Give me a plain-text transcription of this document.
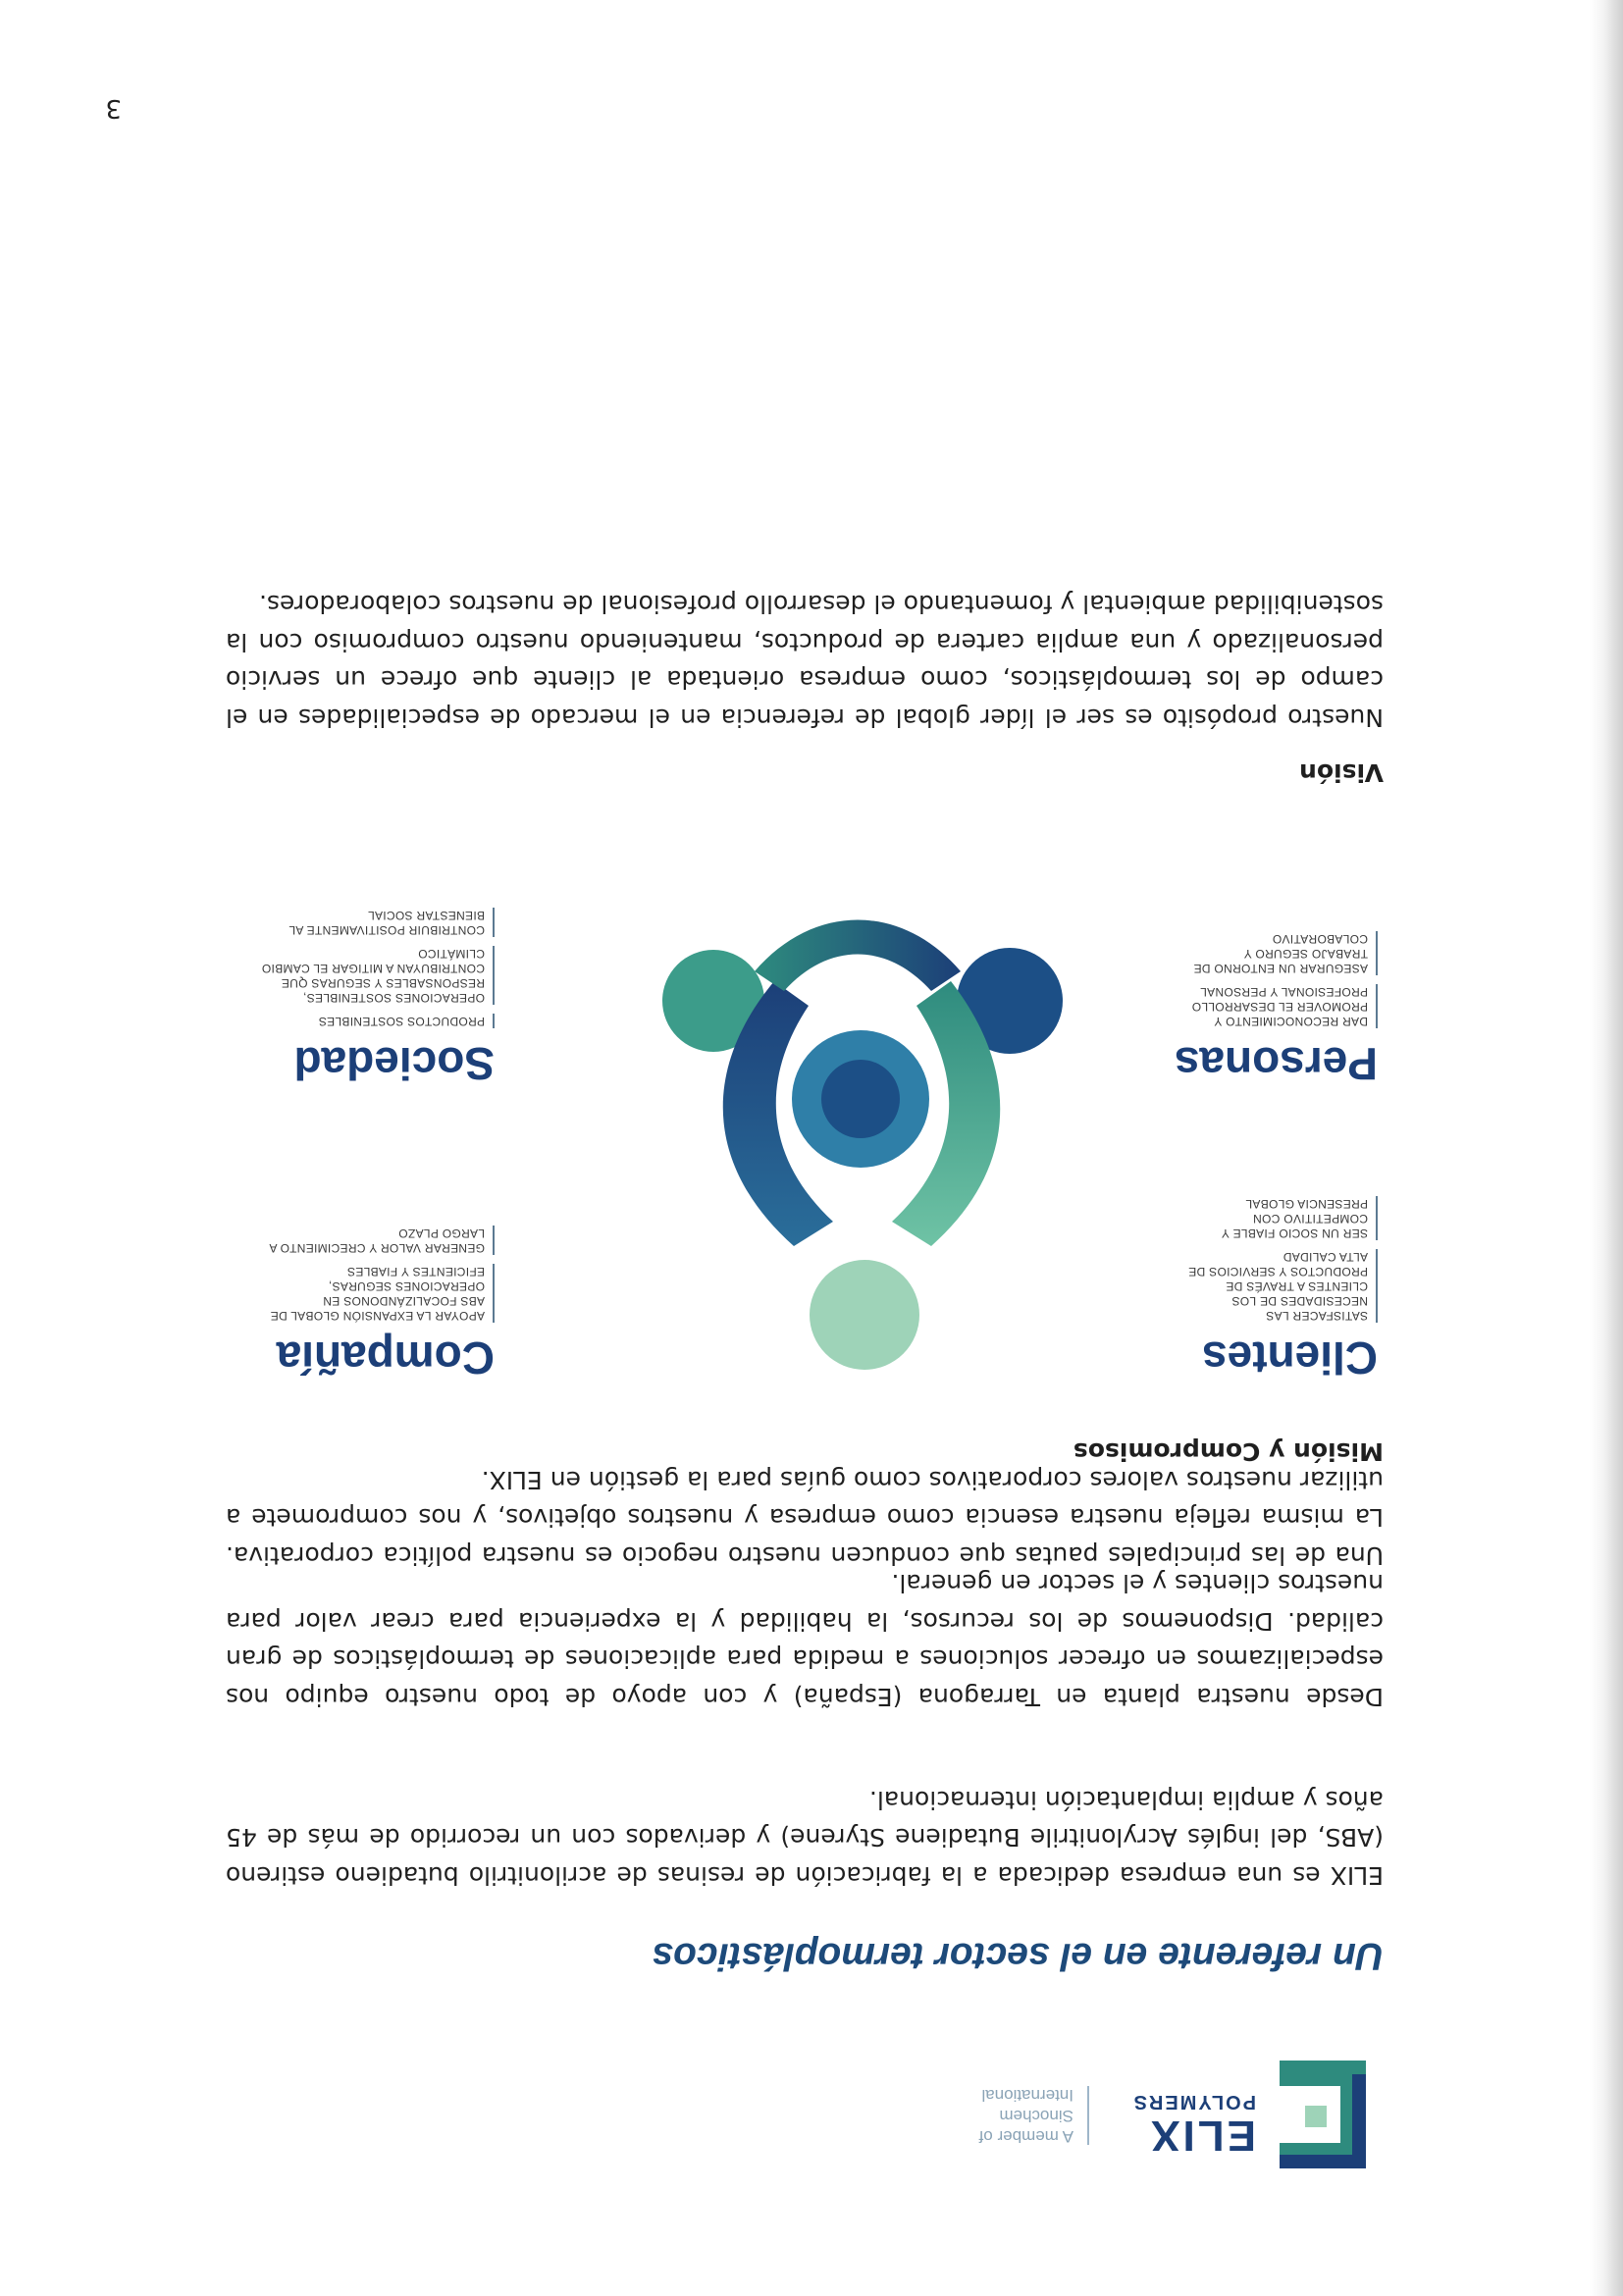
ELIX
POLYMERS
A member of
Sinochem
International
Un referente en el sector termoplásticos

ELIX es una empresa dedicada a la fabricación de resinas de acrilonitrilo butadieno estireno (ABS, del inglés Acrylonitrile Butadiene Styrene) y derivados con un recorrido de más de 45 años y amplia implantación internacional.

Desde nuestra planta en Tarragona (España) y con apoyo de todo nuestro equipo nos especializamos en ofrecer soluciones a medida para aplicaciones de termoplásticos de gran calidad. Disponemos de los recursos, la habilidad y la experiencia para crear valor para nuestros clientes y el sector en general.

Una de las principales pautas que conducen nuestro negocio es nuestra política corporativa. La misma refleja nuestra esencia como empresa y nuestros objetivos, y nos compromete a utilizar nuestros valores corporativos como guías para la gestión en ELIX.

Misión y Compromisos
Clientes
SATISFACER LAS NECESIDADES DE LOS CLIENTES A TRAVÉS DE PRODUCTOS Y SERVICIOS DE ALTA CALIDAD
SER UN SOCIO FIABLE Y COMPETITIVO CON PRESENCIA GLOBAL
Personas
DAR RECONOCIMIENTO Y PROMOVER EL DESARROLLO PROFESIONAL Y PERSONAL
ASEGURAR UN ENTORNO DE TRABAJO SEGURO Y COLABORATIVO
Compañía
APOYAR LA EXPANSIÓN GLOBAL DE ABS FOCALIZÁNDONOS EN OPERACIONES SEGURAS, EFICIENTES Y FIABLES
GENERAR VALOR Y CRECIMIENTO A LARGO PLAZO
Sociedad
PRODUCTOS SOSTENIBLES
OPERACIONES SOSTENIBLES, RESPONSABLES Y SEGURAS QUE CONTRIBUYAN A MITIGAR EL CAMBIO CLIMÁTICO
CONTRIBUIR POSITIVAMENTE AL BIENESTAR SOCIAL
Visión

Nuestro propósito es ser el líder global de referencia en el mercado de especialidades en el campo de los termoplásticos, como empresa orientada al cliente que ofrece un servicio personalizado y una amplia cartera de productos, manteniendo nuestro compromiso con la sostenibilidad ambiental y fomentando el desarrollo profesional de nuestros colaboradores.

3
